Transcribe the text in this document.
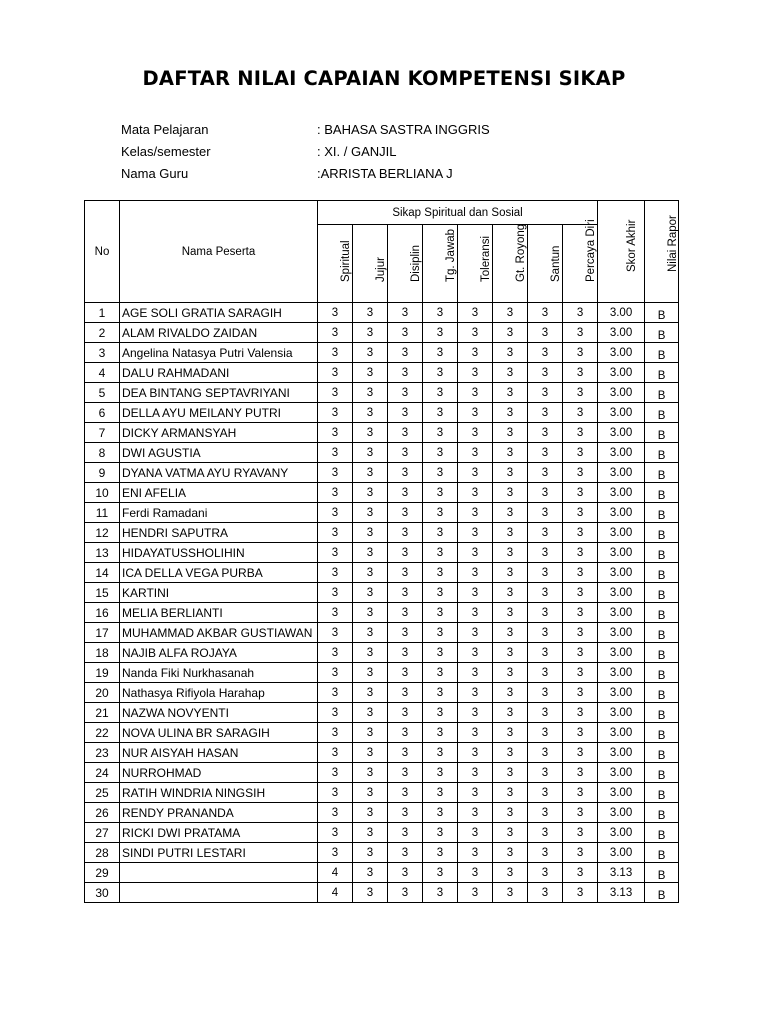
DAFTAR NILAI CAPAIAN KOMPETENSI SIKAP
Mata Pelajaran	: BAHASA SASTRA INGGRIS
Kelas/semester	: XI. / GANJIL
Nama Guru	:ARRISTA BERLIANA J
No	Nama Peserta	Sikap Spiritual dan Sosial								Skor Akhir	Nilai Rapor

		Spiritual	Jujur	Disiplin	Tg. Jawab	Toleransi	Gt. Royong	Santun	Percaya Diri		

1	AGE SOLI GRATIA SARAGIH	3	3	3	3	3	3	3	3	3.00	B
2	ALAM RIVALDO ZAIDAN	3	3	3	3	3	3	3	3	3.00	B
3	Angelina Natasya Putri Valensia	3	3	3	3	3	3	3	3	3.00	B
4	DALU RAHMADANI	3	3	3	3	3	3	3	3	3.00	B
5	DEA BINTANG SEPTAVRIYANI	3	3	3	3	3	3	3	3	3.00	B
6	DELLA AYU MEILANY PUTRI	3	3	3	3	3	3	3	3	3.00	B
7	DICKY ARMANSYAH	3	3	3	3	3	3	3	3	3.00	B
8	DWI AGUSTIA	3	3	3	3	3	3	3	3	3.00	B
9	DYANA VATMA AYU RYAVANY	3	3	3	3	3	3	3	3	3.00	B
10	ENI AFELIA	3	3	3	3	3	3	3	3	3.00	B
11	Ferdi Ramadani	3	3	3	3	3	3	3	3	3.00	B
12	HENDRI SAPUTRA	3	3	3	3	3	3	3	3	3.00	B
13	HIDAYATUSSHOLIHIN	3	3	3	3	3	3	3	3	3.00	B
14	ICA DELLA VEGA PURBA	3	3	3	3	3	3	3	3	3.00	B
15	KARTINI	3	3	3	3	3	3	3	3	3.00	B
16	MELIA BERLIANTI	3	3	3	3	3	3	3	3	3.00	B
17	MUHAMMAD AKBAR GUSTIAWAN	3	3	3	3	3	3	3	3	3.00	B
18	NAJIB ALFA ROJAYA	3	3	3	3	3	3	3	3	3.00	B
19	Nanda Fiki Nurkhasanah	3	3	3	3	3	3	3	3	3.00	B
20	Nathasya Rifiyola Harahap	3	3	3	3	3	3	3	3	3.00	B
21	NAZWA NOVYENTI	3	3	3	3	3	3	3	3	3.00	B
22	NOVA ULINA BR SARAGIH	3	3	3	3	3	3	3	3	3.00	B
23	NUR AISYAH HASAN	3	3	3	3	3	3	3	3	3.00	B
24	NURROHMAD	3	3	3	3	3	3	3	3	3.00	B
25	RATIH WINDRIA NINGSIH	3	3	3	3	3	3	3	3	3.00	B
26	RENDY PRANANDA	3	3	3	3	3	3	3	3	3.00	B
27	RICKI DWI PRATAMA	3	3	3	3	3	3	3	3	3.00	B
28	SINDI PUTRI LESTARI	3	3	3	3	3	3	3	3	3.00	B
29		4	3	3	3	3	3	3	3	3.13	B
30		4	3	3	3	3	3	3	3	3.13	B
